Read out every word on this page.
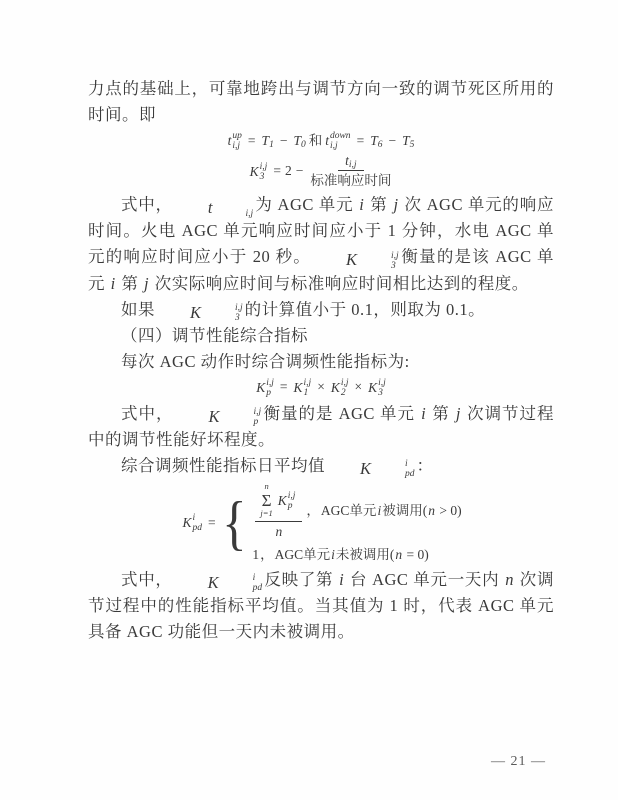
力点的基础上，可靠地跨出与调节方向一致的调节死区所用的时间。即

t up
$i,j = T_1 - T_0$ 和 t down
i,j	= $T_6 - T_5$
K i,j
$3 = 2 - \frac{t_{i,j}}{\text{标准响应时间}}$

式中，	t	$_{i,j}$ 为 AGC 单元 i 第 j 次 AGC 单元的响应时间。火电 AGC 单元响应时间应小于 1 分钟，水电 AGC 单元的响应时间应小于 20 秒。	K	i,j
3 衡量的是该 AGC 单元 i 第 j 次实际响应时间与标准响应时间相比达到的程度。

如果	K	i,j
3 的计算值小于 0.1，则取为 0.1。

（四）调节性能综合指标

每次 AGC 动作时综合调频性能指标为:

K i,j
p = K i,j
1 × K i,j
2 × K i,j
3

式中，	K	i,j
p 衡量的是 AGC 单元 i 第 j 次调节过程中的调节性能好坏程度。

综合调频性能指标日平均值	K	i
pd ：

K i
pd = {
n
Σ
j=1
K i,j
p
n
， AGC单元i被调用(n > 0)
1 ， AGC单元i未被调用(n = 0)

式中，	K	i
pd 反映了第 i 台 AGC 单元一天内 n 次调节过程中的性能指标平均值。当其值为 1 时，代表 AGC 单元具备 AGC 功能但一天内未被调用。

— 21 —
